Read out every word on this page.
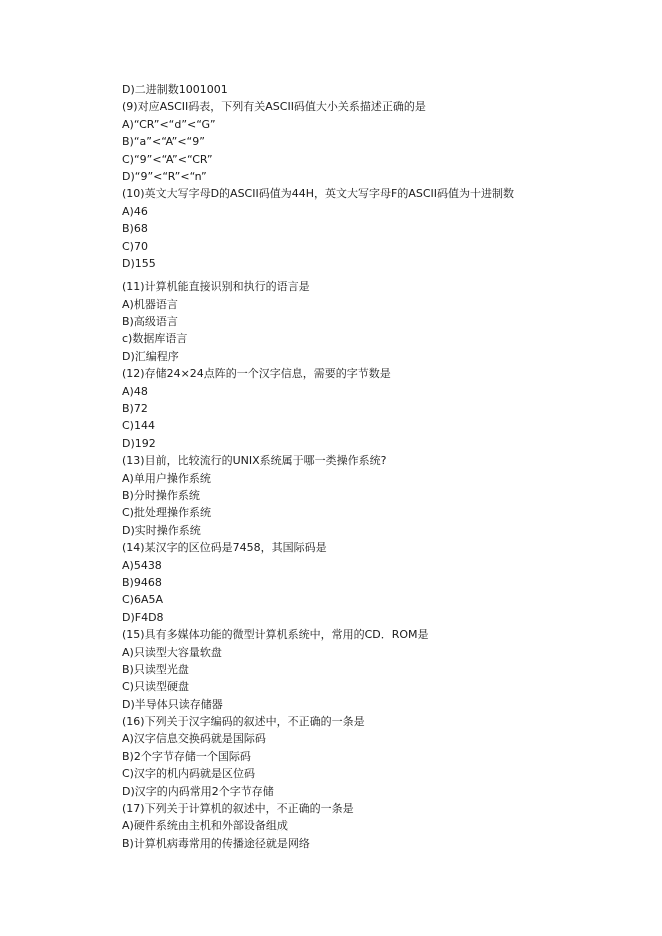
D)二进制数1001001
(9)对应ASCII码表，下列有关ASCII码值大小关系描述正确的是
A)“CR”<“d”<“G”
B)“a”<“A”<“9”
C)“9”<“A”<“CR”
D)“9”<“R”<“n”
(10)英文大写字母D的ASCII码值为44H，英文大写字母F的ASCII码值为十进制数
A)46
B)68
C)70
D)155
(11)计算机能直接识别和执行的语言是
A)机器语言
B)高级语言
c)数据库语言
D)汇编程序
(12)存储24×24点阵的一个汉字信息，需要的字节数是
A)48
B)72
C)144
D)192
(13)目前，比较流行的UNIX系统属于哪一类操作系统?
A)单用户操作系统
B)分时操作系统
C)批处理操作系统
D)实时操作系统
(14)某汉字的区位码是7458，其国际码是
A)5438
B)9468
C)6A5A
D)F4D8
(15)具有多媒体功能的微型计算机系统中，常用的CD．ROM是
A)只读型大容量软盘
B)只读型光盘
C)只读型硬盘
D)半导体只读存储器
(16)下列关于汉字编码的叙述中，不正确的一条是
A)汉字信息交换码就是国际码
B)2个字节存储一个国际码
C)汉字的机内码就是区位码
D)汉字的内码常用2个字节存储
(17)下列关于计算机的叙述中，不正确的一条是
A)硬件系统由主机和外部设备组成
B)计算机病毒常用的传播途径就是网络
